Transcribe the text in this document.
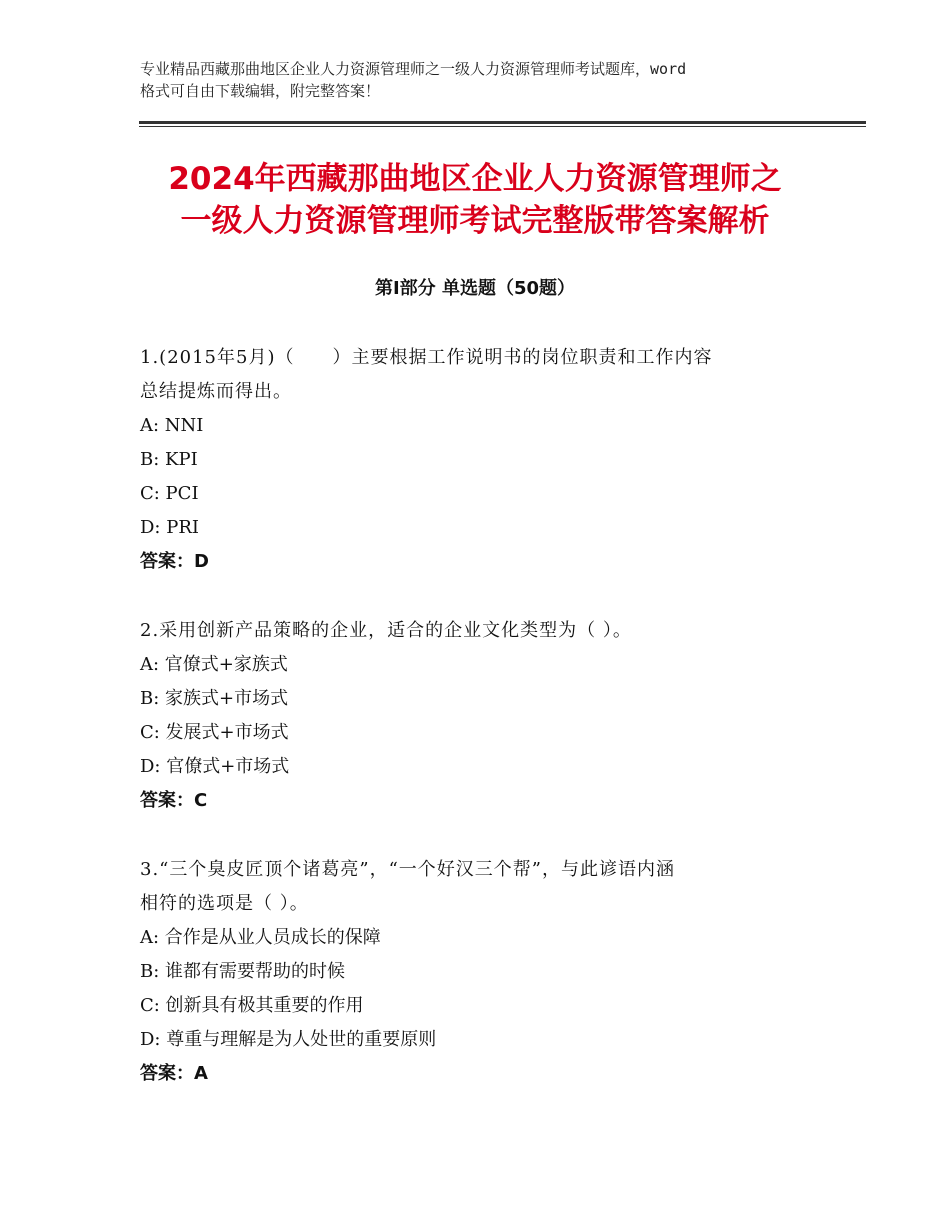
专业精品西藏那曲地区企业人力资源管理师之一级人力资源管理师考试题库，word
格式可自由下载编辑，附完整答案！
2024年西藏那曲地区企业人力资源管理师之
一级人力资源管理师考试完整版带答案解析
第Ⅰ部分 单选题（50题）
1.(2015年5月)（　　）主要根据工作说明书的岗位职责和工作内容
总结提炼而得出。
A: NNI
B: KPI
C: PCI
D: PRI
答案：D
2.采用创新产品策略的企业，适合的企业文化类型为（ ）。
A: 官僚式+家族式
B: 家族式+市场式
C: 发展式+市场式
D: 官僚式+市场式
答案：C
3.“三个臭皮匠顶个诸葛亮”，“一个好汉三个帮”，与此谚语内涵
相符的选项是（ ）。
A: 合作是从业人员成长的保障
B: 谁都有需要帮助的时候
C: 创新具有极其重要的作用
D: 尊重与理解是为人处世的重要原则
答案：A
